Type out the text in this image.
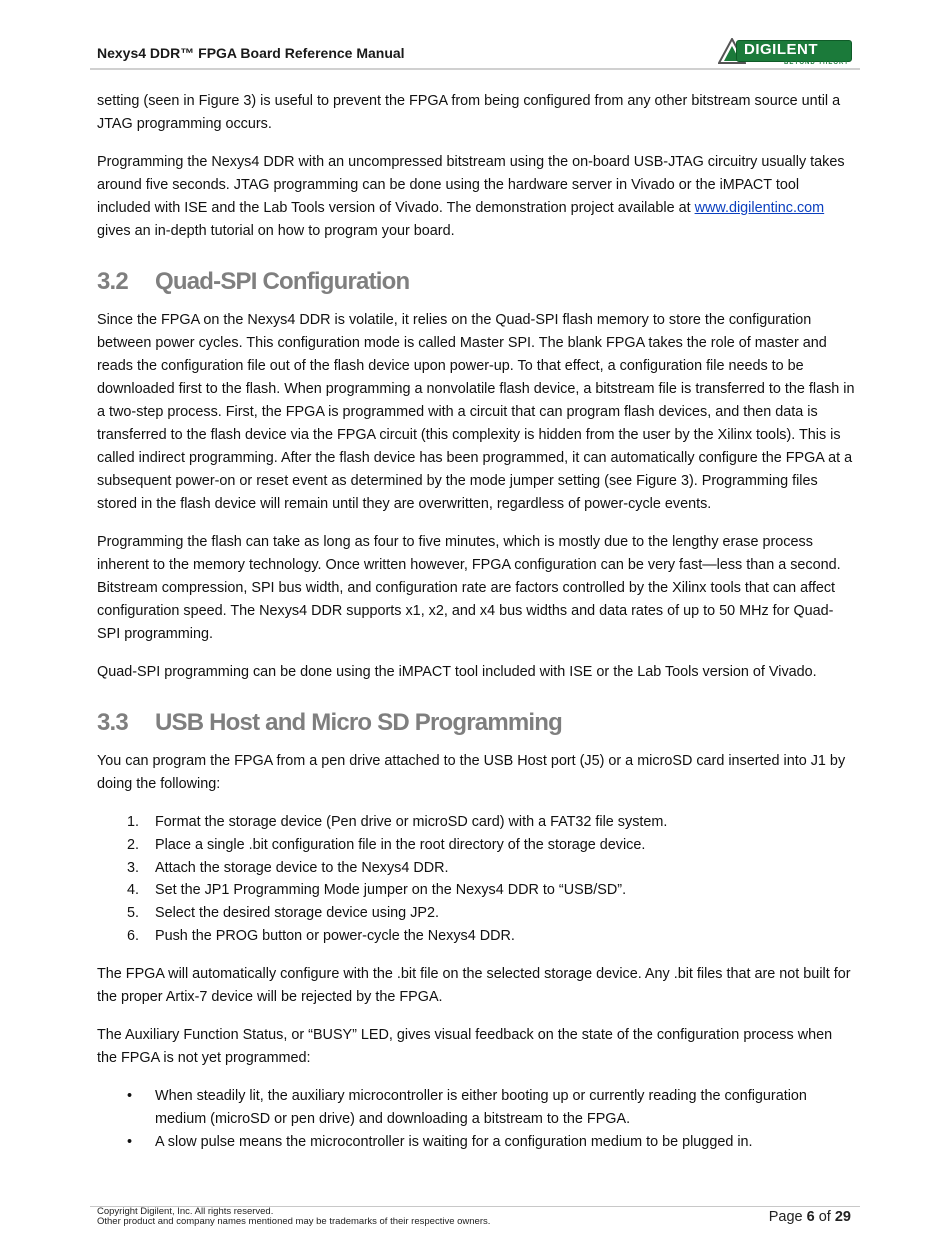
Nexys4 DDR™ FPGA Board Reference Manual	DIGILENT
BEYOND THEORY

setting (seen in Figure 3) is useful to prevent the FPGA from being configured from any other bitstream source until a JTAG programming occurs.

Programming the Nexys4 DDR with an uncompressed bitstream using the on-board USB-JTAG circuitry usually takes around five seconds. JTAG programming can be done using the hardware server in Vivado or the iMPACT tool included with ISE and the Lab Tools version of Vivado. The demonstration project available at www.digilentinc.com gives an in-depth tutorial on how to program your board.

3.2 Quad-SPI Configuration

Since the FPGA on the Nexys4 DDR is volatile, it relies on the Quad-SPI flash memory to store the configuration between power cycles. This configuration mode is called Master SPI. The blank FPGA takes the role of master and reads the configuration file out of the flash device upon power-up. To that effect, a configuration file needs to be downloaded first to the flash. When programming a nonvolatile flash device, a bitstream file is transferred to the flash in a two-step process. First, the FPGA is programmed with a circuit that can program flash devices, and then data is transferred to the flash device via the FPGA circuit (this complexity is hidden from the user by the Xilinx tools). This is called indirect programming. After the flash device has been programmed, it can automatically configure the FPGA at a subsequent power-on or reset event as determined by the mode jumper setting (see Figure 3). Programming files stored in the flash device will remain until they are overwritten, regardless of power-cycle events.

Programming the flash can take as long as four to five minutes, which is mostly due to the lengthy erase process inherent to the memory technology. Once written however, FPGA configuration can be very fast—less than a second. Bitstream compression, SPI bus width, and configuration rate are factors controlled by the Xilinx tools that can affect configuration speed. The Nexys4 DDR supports x1, x2, and x4 bus widths and data rates of up to 50 MHz for Quad-SPI programming.

Quad-SPI programming can be done using the iMPACT tool included with ISE or the Lab Tools version of Vivado.

3.3 USB Host and Micro SD Programming

You can program the FPGA from a pen drive attached to the USB Host port (J5) or a microSD card inserted into J1 by doing the following:

1. Format the storage device (Pen drive or microSD card) with a FAT32 file system.
2. Place a single .bit configuration file in the root directory of the storage device.
3. Attach the storage device to the Nexys4 DDR.
4. Set the JP1 Programming Mode jumper on the Nexys4 DDR to “USB/SD”.
5. Select the desired storage device using JP2.
6. Push the PROG button or power-cycle the Nexys4 DDR.

The FPGA will automatically configure with the .bit file on the selected storage device. Any .bit files that are not built for the proper Artix-7 device will be rejected by the FPGA.

The Auxiliary Function Status, or “BUSY” LED, gives visual feedback on the state of the configuration process when the FPGA is not yet programmed:

• When steadily lit, the auxiliary microcontroller is either booting up or currently reading the configuration medium (microSD or pen drive) and downloading a bitstream to the FPGA.
• A slow pulse means the microcontroller is waiting for a configuration medium to be plugged in.
Copyright Digilent, Inc. All rights reserved.
Other product and company names mentioned may be trademarks of their respective owners.	Page 6 of 29
